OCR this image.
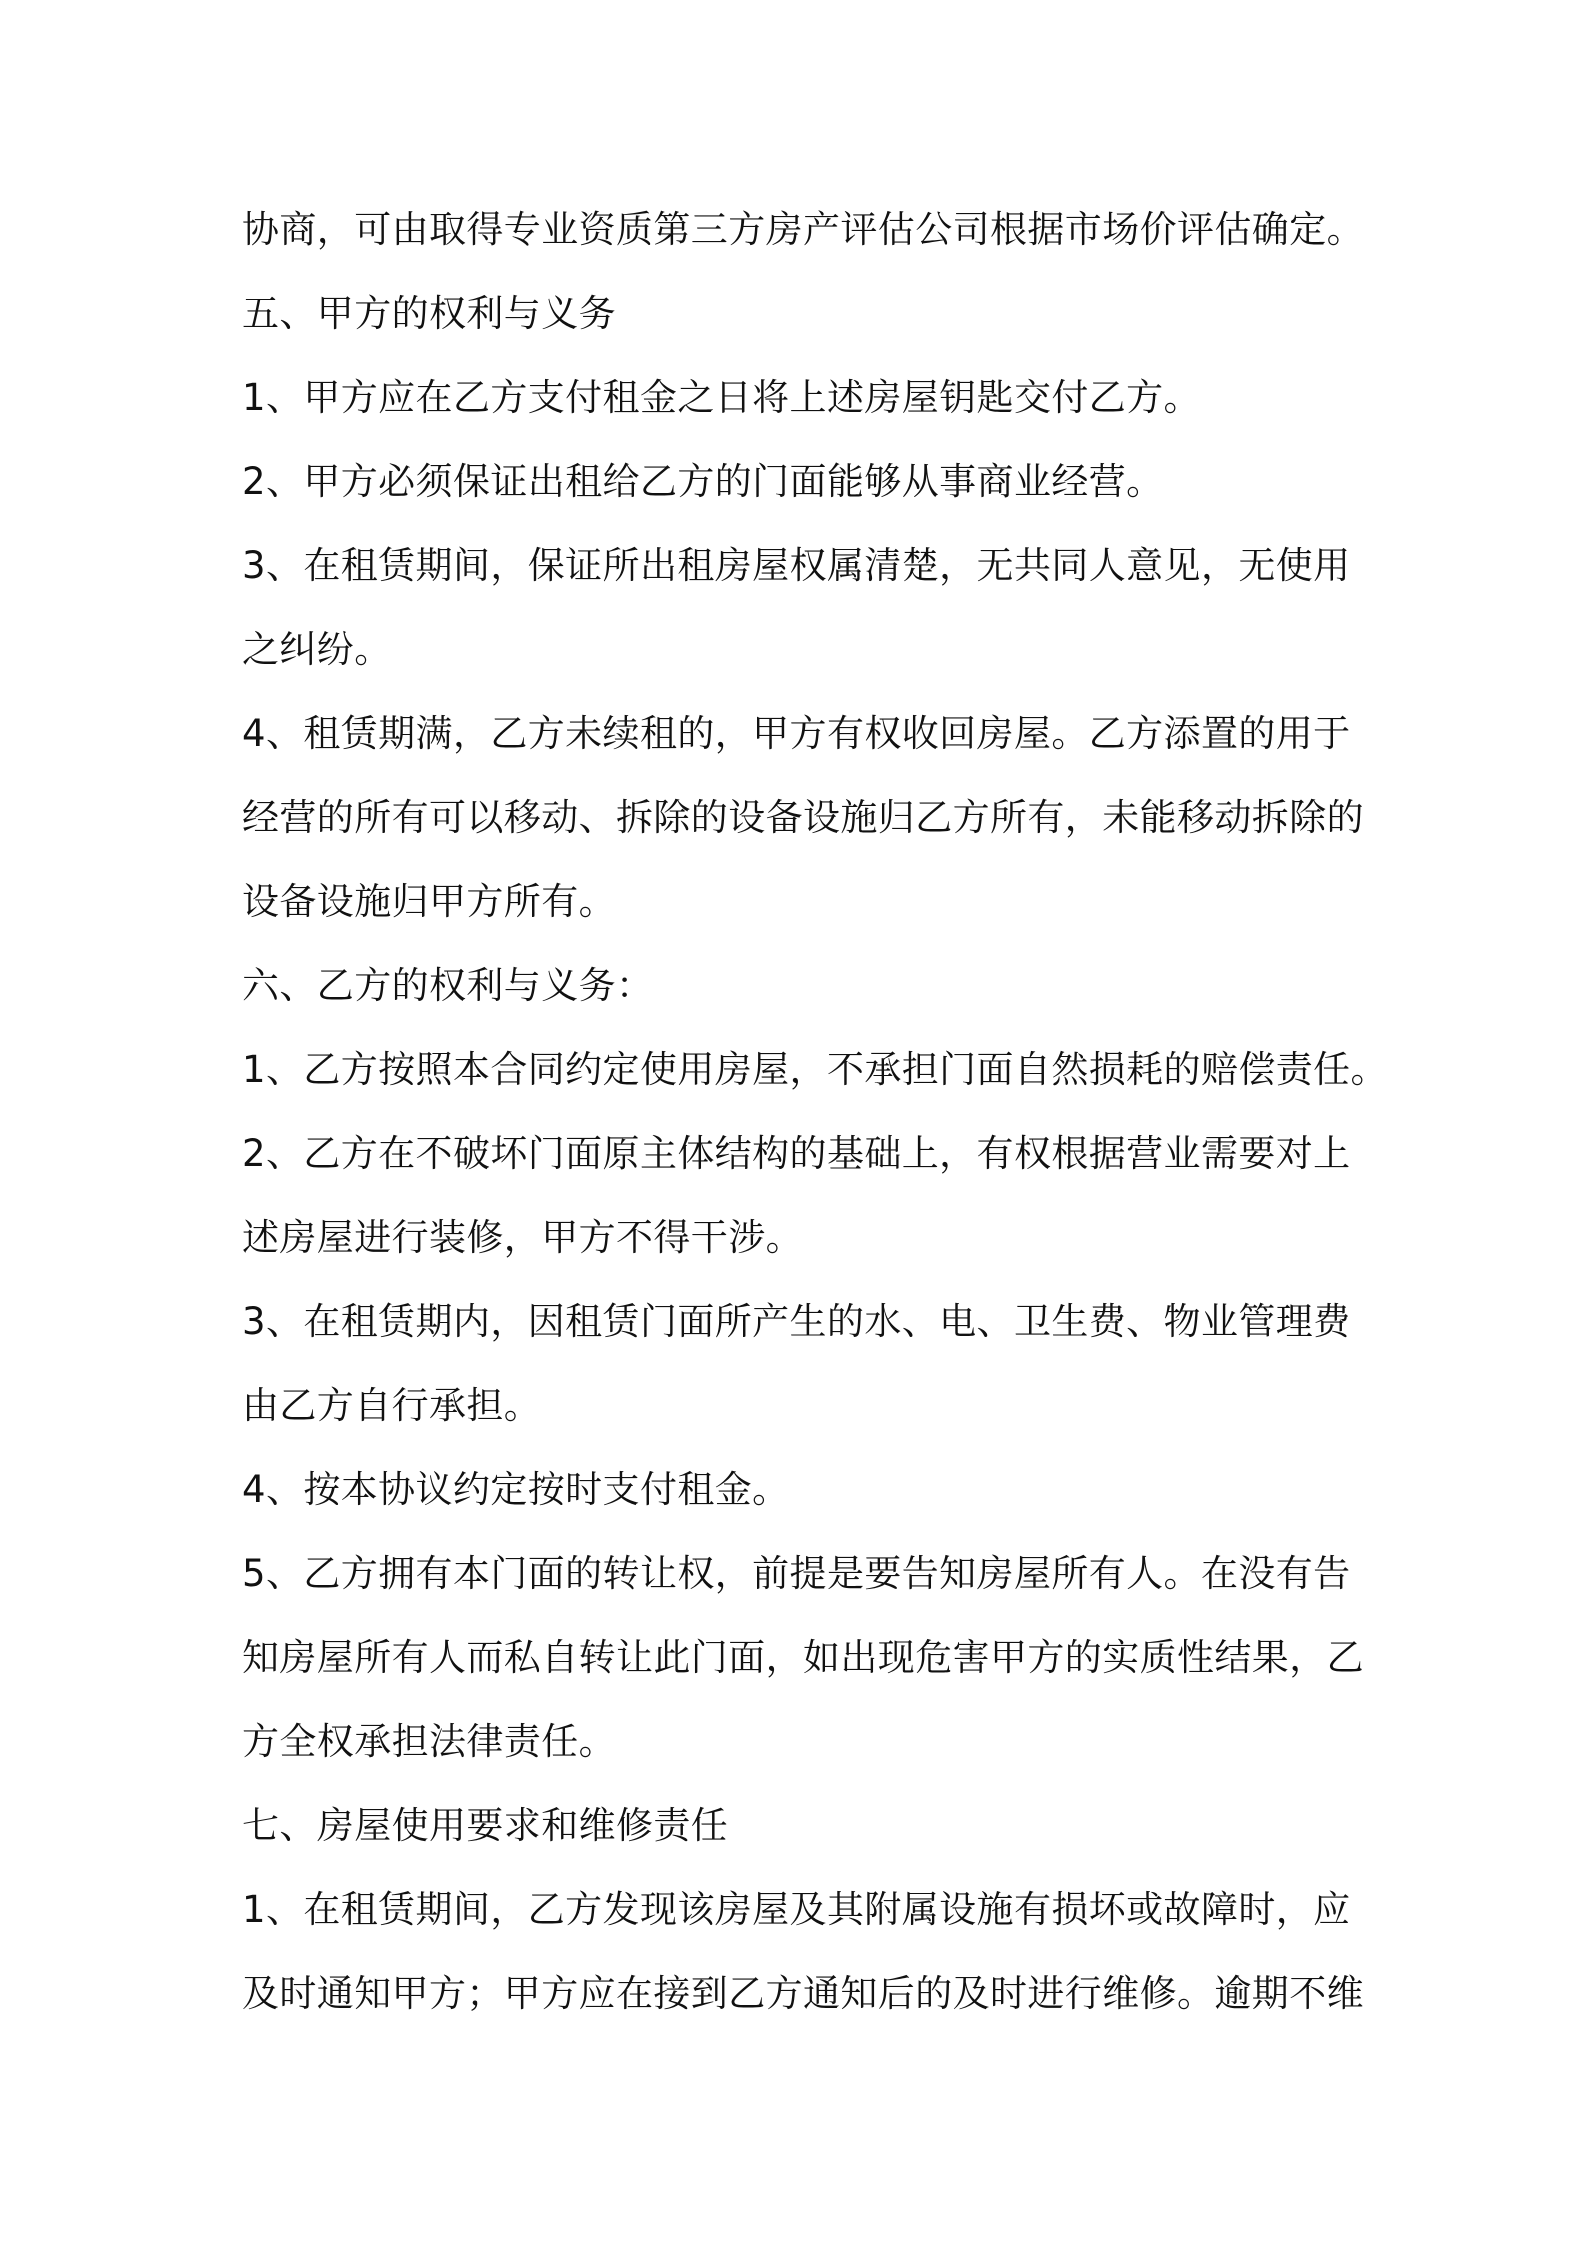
协商，可由取得专业资质第三方房产评估公司根据市场价评估确定。
五、甲方的权利与义务
1、甲方应在乙方支付租金之日将上述房屋钥匙交付乙方。
2、甲方必须保证出租给乙方的门面能够从事商业经营。
3、在租赁期间，保证所出租房屋权属清楚，无共同人意见，无使用
之纠纷。
4、租赁期满，乙方未续租的，甲方有权收回房屋。乙方添置的用于
经营的所有可以移动、拆除的设备设施归乙方所有，未能移动拆除的
设备设施归甲方所有。
六、乙方的权利与义务：
1、乙方按照本合同约定使用房屋，不承担门面自然损耗的赔偿责任。
2、乙方在不破坏门面原主体结构的基础上，有权根据营业需要对上
述房屋进行装修，甲方不得干涉。
3、在租赁期内，因租赁门面所产生的水、电、卫生费、物业管理费
由乙方自行承担。
4、按本协议约定按时支付租金。
5、乙方拥有本门面的转让权，前提是要告知房屋所有人。在没有告
知房屋所有人而私自转让此门面，如出现危害甲方的实质性结果，乙
方全权承担法律责任。
七、房屋使用要求和维修责任
1、在租赁期间，乙方发现该房屋及其附属设施有损坏或故障时，应
及时通知甲方；甲方应在接到乙方通知后的及时进行维修。逾期不维
